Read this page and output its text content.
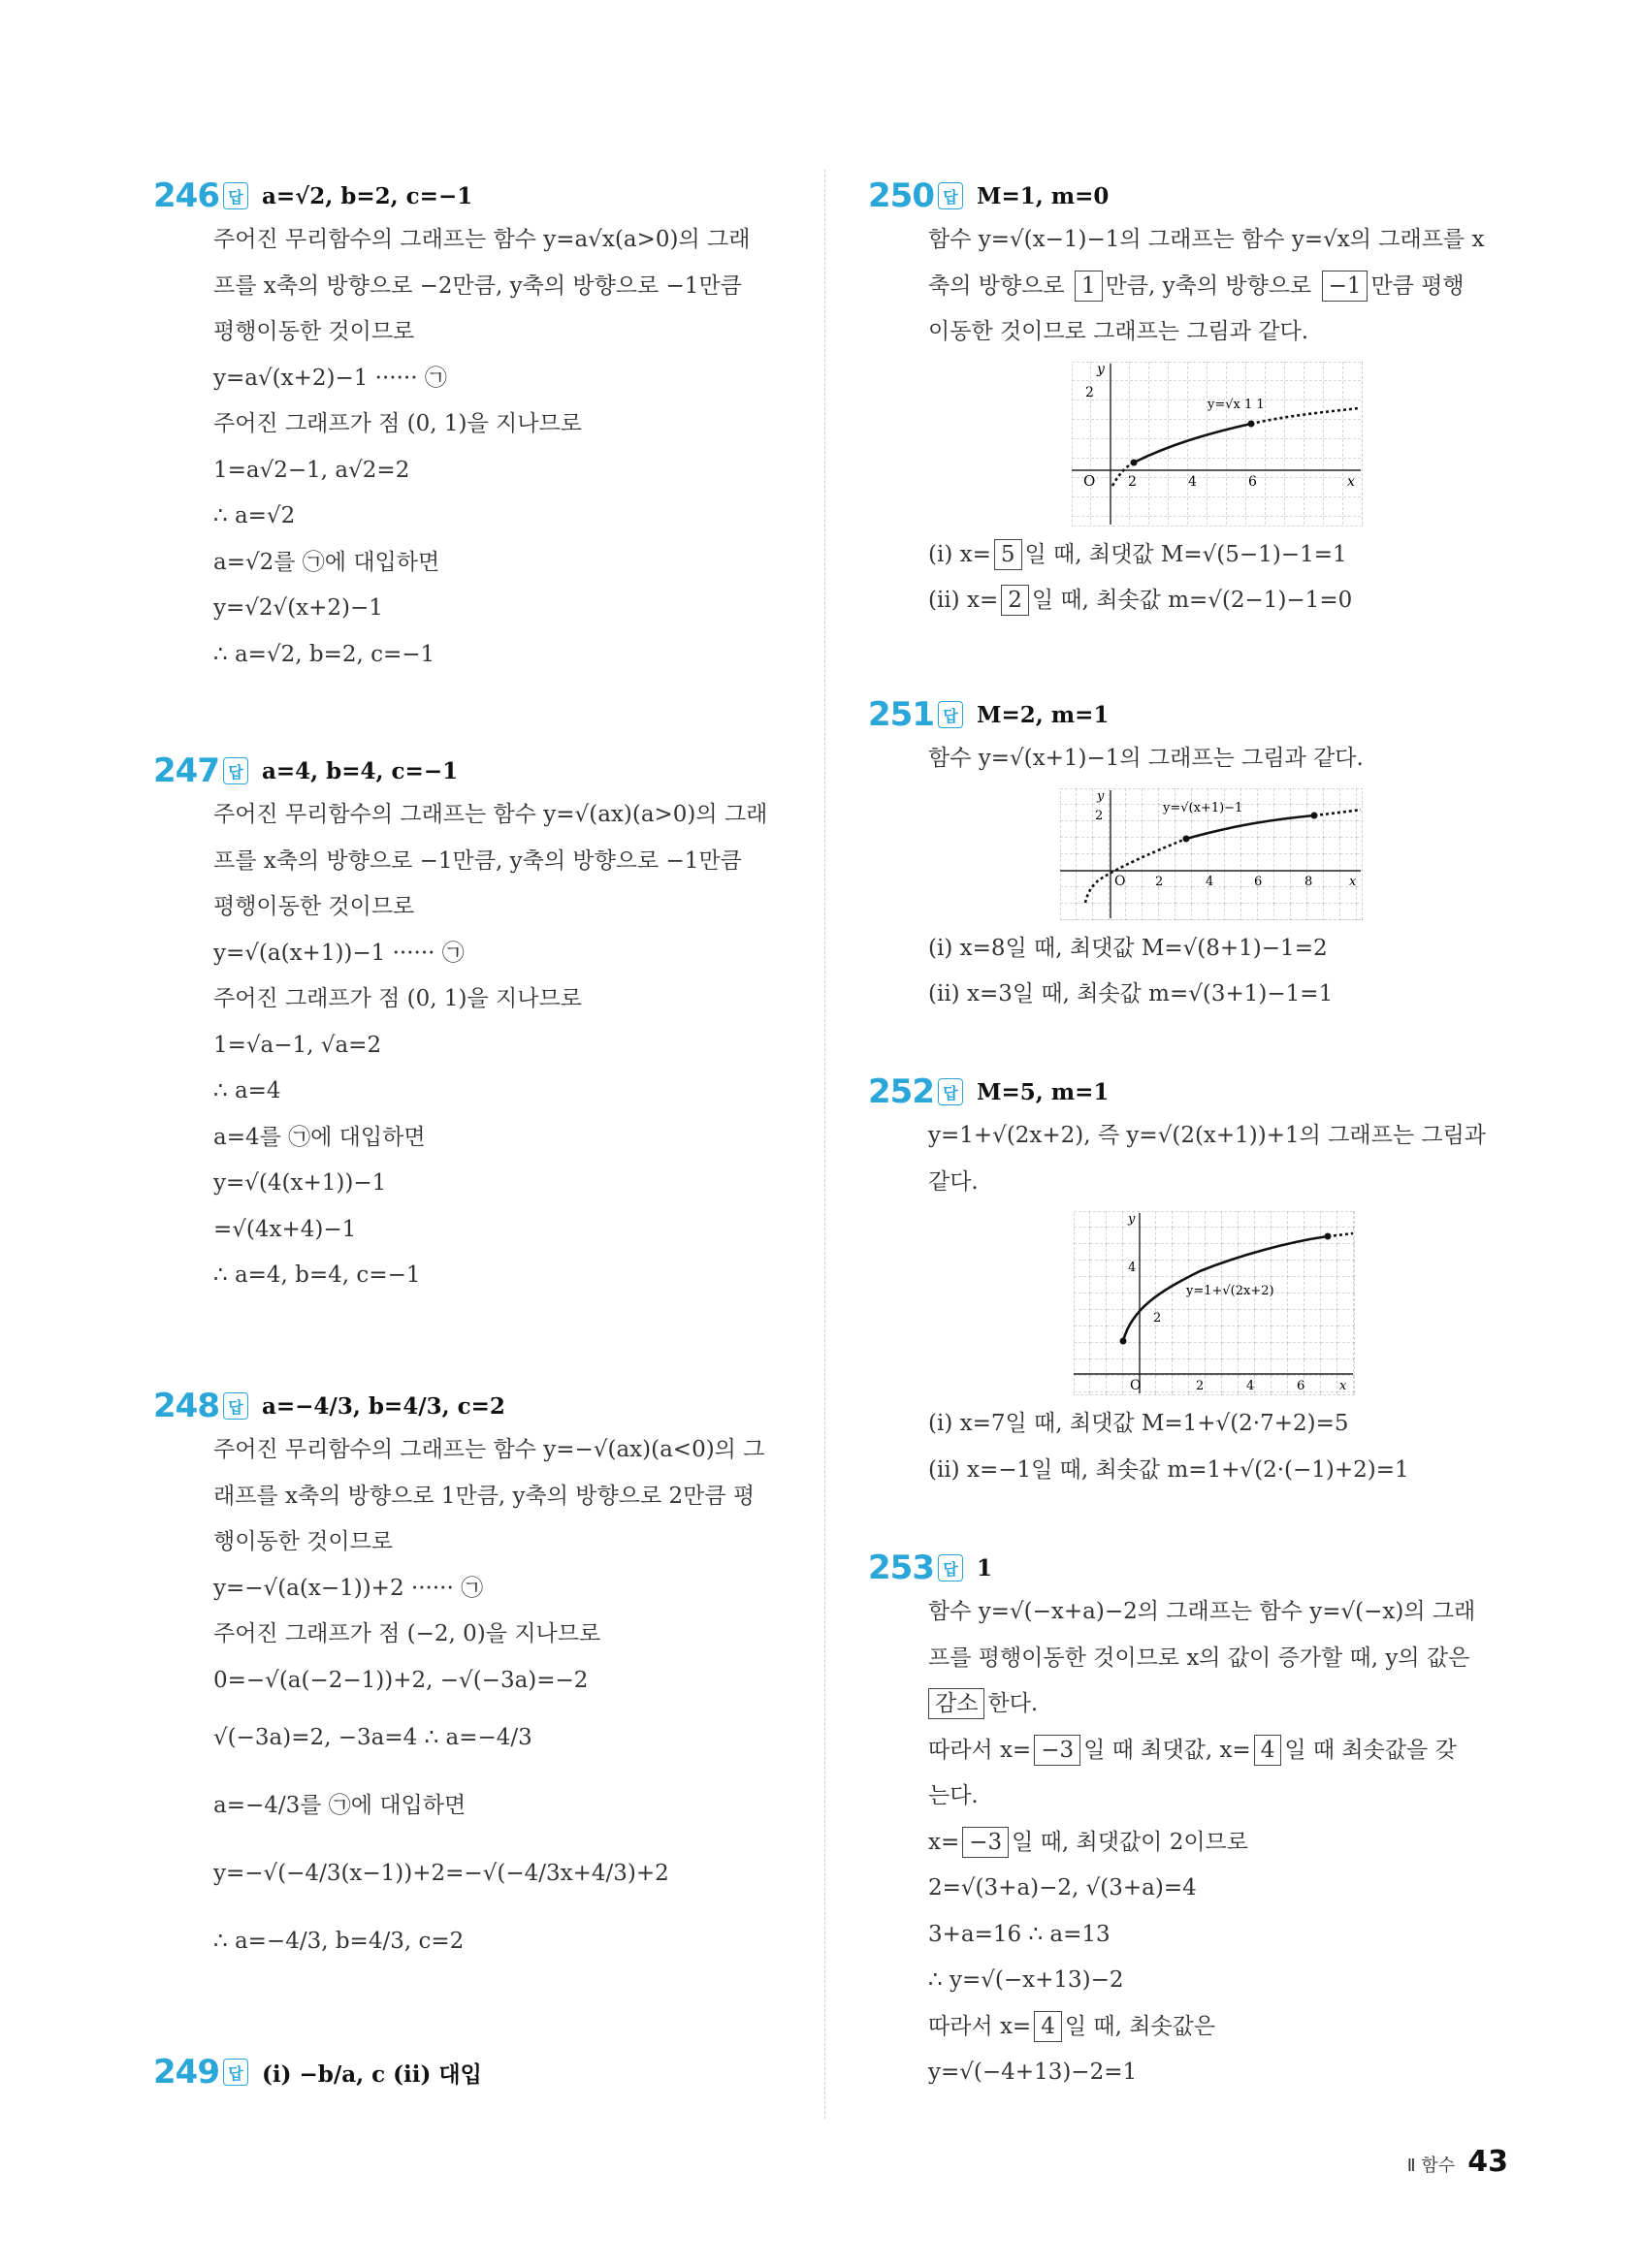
246 답 a=√2, b=2, c=−1
주어진 무리함수의 그래프는 함수 y=a√x(a>0)의 그래
프를 x축의 방향으로 −2만큼, y축의 방향으로 −1만큼
평행이동한 것이므로
y=a√(x+2)−1 ······ ㉠
주어진 그래프가 점 (0, 1)을 지나므로
1=a√2−1, a√2=2
∴ a=√2
a=√2를 ㉠에 대입하면
y=√2√(x+2)−1
∴ a=√2, b=2, c=−1
247 답 a=4, b=4, c=−1
주어진 무리함수의 그래프는 함수 y=√(ax)(a>0)의 그래
프를 x축의 방향으로 −1만큼, y축의 방향으로 −1만큼
평행이동한 것이므로
y=√(a(x+1))−1 ······ ㉠
주어진 그래프가 점 (0, 1)을 지나므로
1=√a−1, √a=2
∴ a=4
a=4를 ㉠에 대입하면
y=√(4(x+1))−1
=√(4x+4)−1
∴ a=4, b=4, c=−1
248 답 a=−4/3, b=4/3, c=2
주어진 무리함수의 그래프는 함수 y=−√(ax)(a<0)의 그
래프를 x축의 방향으로 1만큼, y축의 방향으로 2만큼 평
행이동한 것이므로
y=−√(a(x−1))+2 ······ ㉠
주어진 그래프가 점 (−2, 0)을 지나므로
0=−√(a(−2−1))+2, −√(−3a)=−2
√(−3a)=2, −3a=4 ∴ a=−4/3
a=−4/3를 ㉠에 대입하면
y=−√(−4/3(x−1))+2=−√(−4/3x+4/3)+2
∴ a=−4/3, b=4/3, c=2
249 답 (ⅰ) −b/a, c (ⅱ) 대입
250 답 M=1, m=0
함수 y=√(x−1)−1의 그래프는 함수 y=√x의 그래프를 x
축의 방향으로 1 만큼, y축의 방향으로 −1 만큼 평행
이동한 것이므로 그래프는 그림과 같다.
y
x
O 2	4	6
2
y=√x 1 1
(ⅰ) x= 5 일 때, 최댓값 M=√(5−1)−1=1
(ⅱ) x= 2 일 때, 최솟값 m=√(2−1)−1=0
251 답 M=2, m=1
함수 y=√(x+1)−1의 그래프는 그림과 같다.
y
x
O 2	4	6	8
2
y=√(x+1)−1
(ⅰ) x=8일 때, 최댓값 M=√(8+1)−1=2
(ⅱ) x=3일 때, 최솟값 m=√(3+1)−1=1
252 답 M=5, m=1
y=1+√(2x+2), 즉 y=√(2(x+1))+1의 그래프는 그림과
같다.
y
x
O	2	4	6
4
2
y=1+√(2x+2)
(ⅰ) x=7일 때, 최댓값 M=1+√(2·7+2)=5
(ⅱ) x=−1일 때, 최솟값 m=1+√(2·(−1)+2)=1
253 답 1
함수 y=√(−x+a)−2의 그래프는 함수 y=√(−x)의 그래
프를 평행이동한 것이므로 x의 값이 증가할 때, y의 값은
감소 한다.
따라서 x= −3 일 때 최댓값, x= 4 일 때 최솟값을 갖
는다.
x= −3 일 때, 최댓값이 2이므로
2=√(3+a)−2, √(3+a)=4
3+a=16 ∴ a=13
∴ y=√(−x+13)−2
따라서 x= 4 일 때, 최솟값은
y=√(−4+13)−2=1
Ⅱ 함수 43
